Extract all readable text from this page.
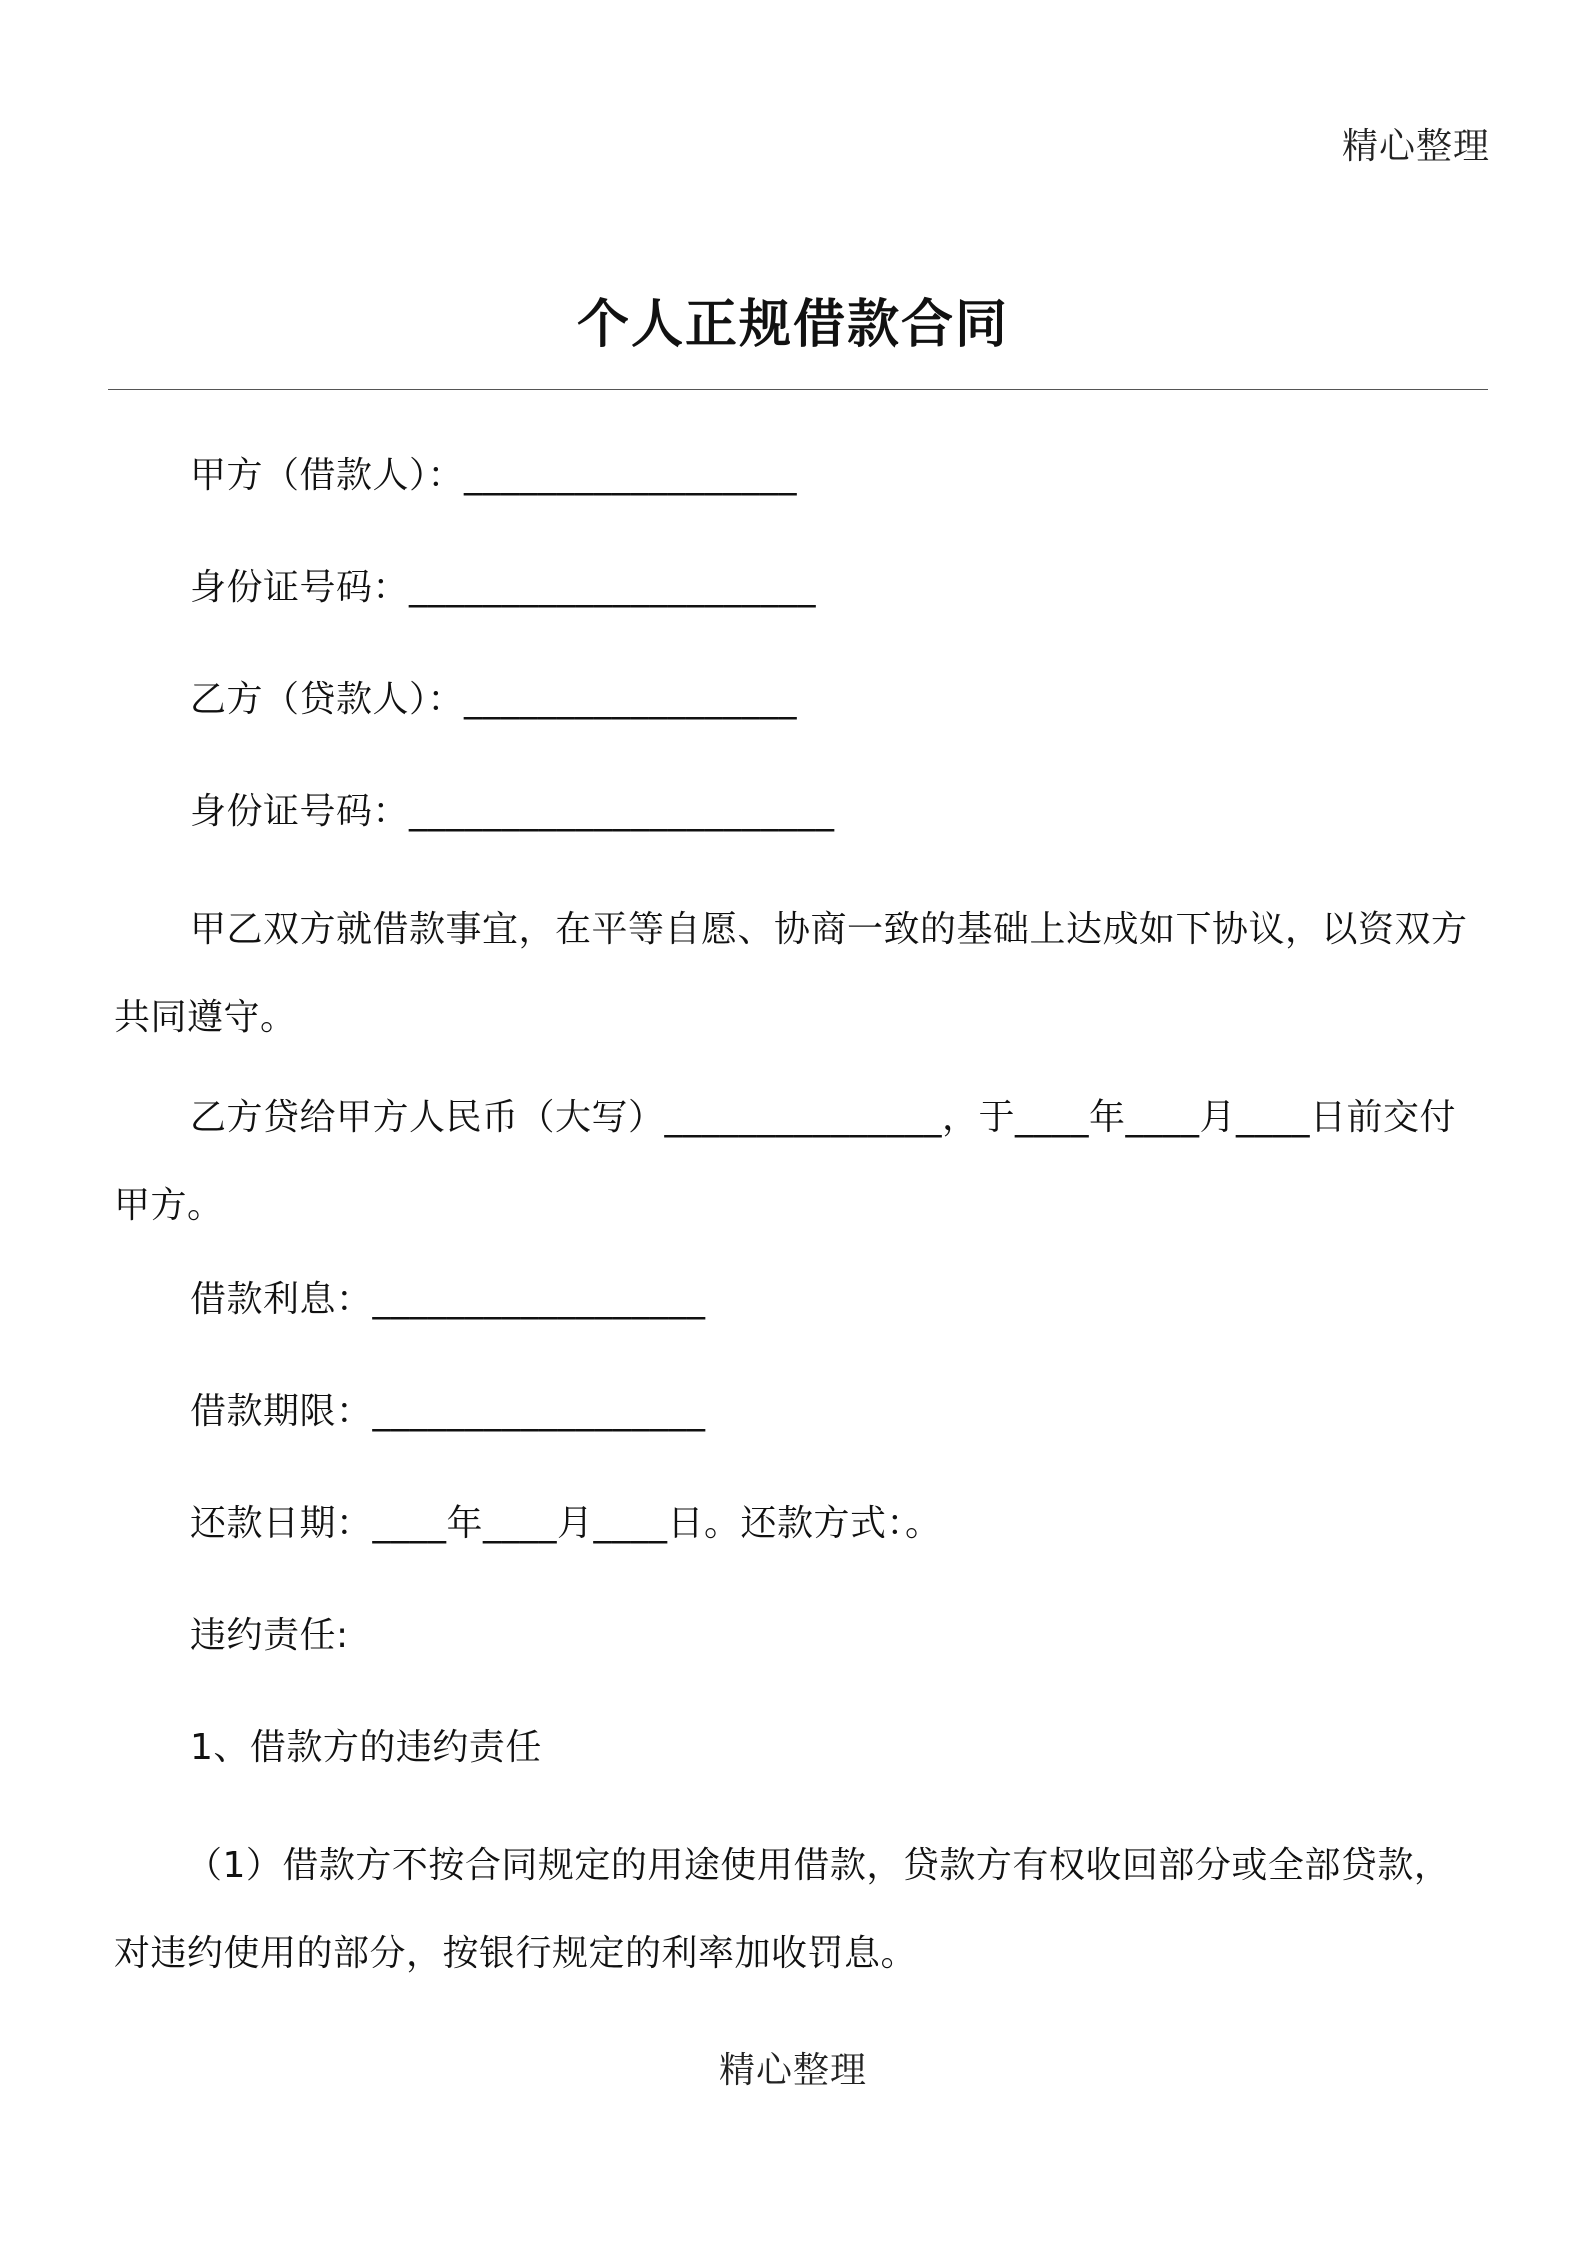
精心整理
个人正规借款合同

甲方（借款人）：__________________

身份证号码：______________________

乙方（贷款人）：__________________

身份证号码：_______________________

甲乙双方就借款事宜，在平等自愿、协商一致的基础上达成如下协议，以资双方共同遵守。

乙方贷给甲方人民币（大写）_______________，于____年____月____日前交付甲方。

借款利息：__________________

借款期限：__________________

还款日期：____年____月____日。还款方式：。

违约责任:

1、借款方的违约责任

（1）借款方不按合同规定的用途使用借款，贷款方有权收回部分或全部贷款，对违约使用的部分，按银行规定的利率加收罚息。

精心整理
